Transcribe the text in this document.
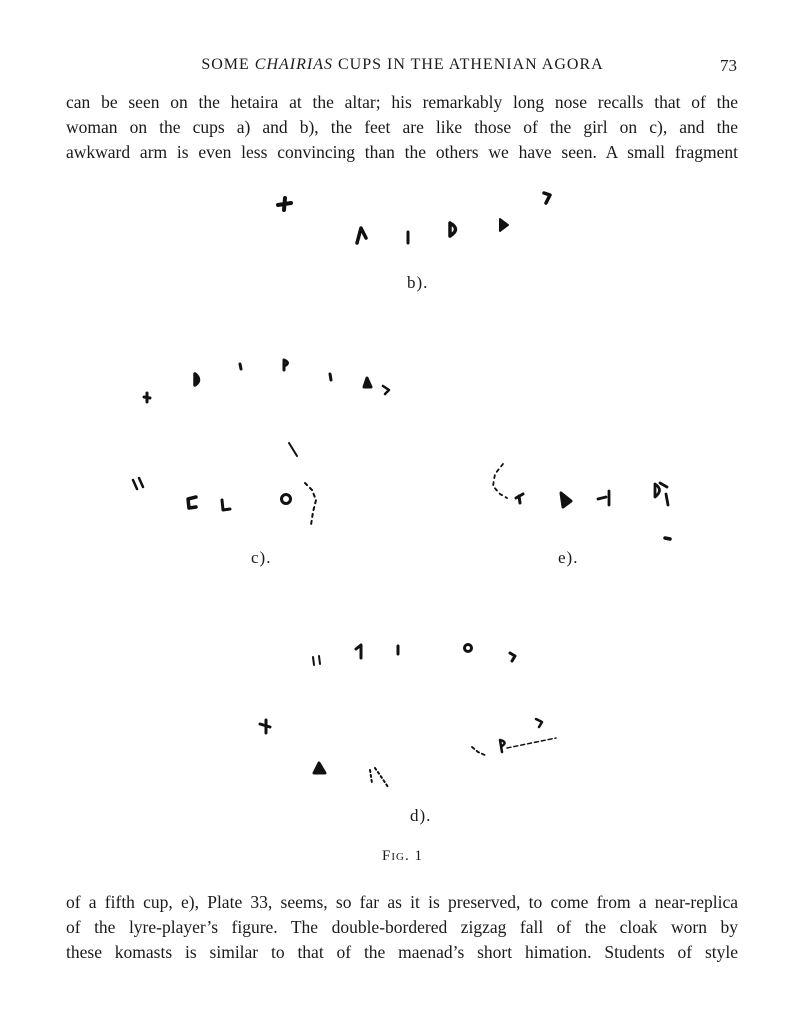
SOME CHAIRIAS CUPS IN THE ATHENIAN AGORA	73
can be seen on the hetaira at the altar; his remarkably long nose recalls that of the
woman on the cups a) and b), the feet are like those of the girl on c), and the
awkward arm is even less convincing than the others we have seen. A small fragment
b).
c).	e).
d).
Fig. 1
of a fifth cup, e), Plate 33, seems, so far as it is preserved, to come from a near-replica
of the lyre-player’s figure. The double-bordered zigzag fall of the cloak worn by
these komasts is similar to that of the maenad’s short himation. Students of style
